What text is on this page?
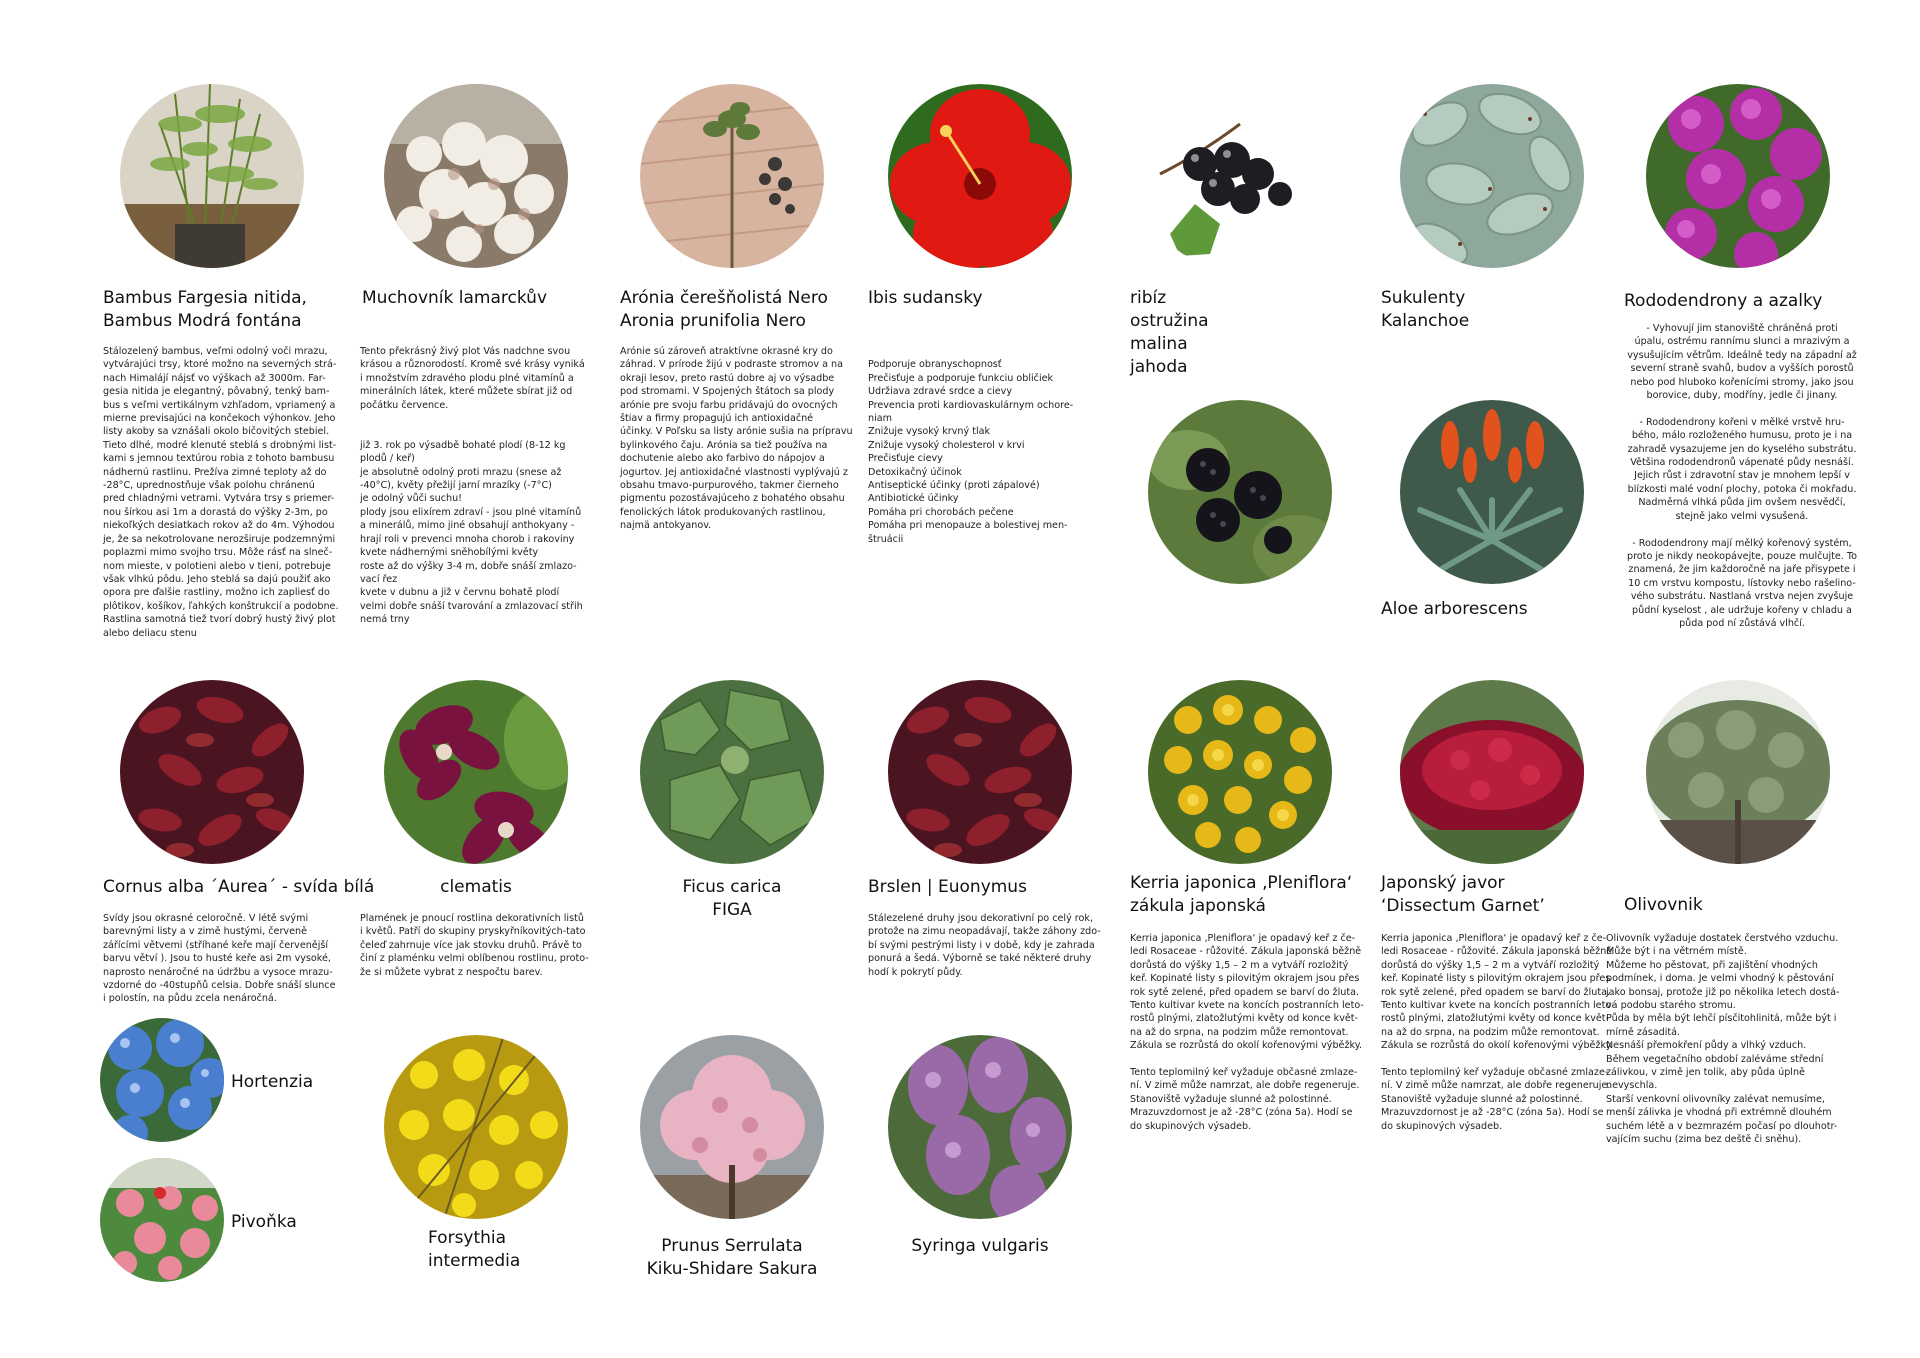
Bambus Fargesia nitida,
Bambus Modrá fontána
Stálozelený bambus, veľmi odolný voči mrazu,
vytvárajúci trsy, ktoré možno na severných strá-
nach Himalájí nájsť vo výškach až 3000m. Far-
gesia nitida je elegantný, pôvabný, tenký bam-
bus s veľmi vertikálnym vzhľadom, vpriamený a
mierne previsajúci na končekoch výhonkov. Jeho
listy akoby sa vznášali okolo bičovitých stebiel.
Tieto dlhé, modré klenuté steblá s drobnými list-
kami s jemnou textúrou robia z tohoto bambusu
nádhernú rastlinu. Prežíva zimné teploty až do
-28°C, uprednostňuje však polohu chránenú
pred chladnými vetrami. Vytvára trsy s priemer-
nou šírkou asi 1m a dorastá do výšky 2-3m, po
niekoľkých desiatkach rokov až do 4m. Výhodou
je, že sa nekotrolovane nerozširuje podzemnými
poplazmi mimo svojho trsu. Môže rásť na slneč-
nom mieste, v polotieni alebo v tieni, potrebuje
však vlhkú pôdu. Jeho steblá sa dajú použiť ako
opora pre ďalšie rastliny, možno ich zapliesť do
plôtikov, košíkov, ľahkých konštrukcií a podobne.
Rastlina samotná tiež tvorí dobrý hustý živý plot
alebo deliacu stenu
Muchovník lamarckův
Tento překrásný živý plot Vás nadchne svou
krásou a různorodostí. Kromě své krásy vyniká
i množstvím zdravého plodu plné vitamínů a
minerálních látek, které můžete sbírat již od
počátku července.

již 3. rok po výsadbě bohaté plodí (8-12 kg
plodů / keř)
je absolutně odolný proti mrazu (snese až
-40°C), květy přežijí jarní mrazíky (-7°C)
je odolný vůči suchu!
plody jsou elixírem zdraví - jsou plné vitamínů
a minerálů, mimo jiné obsahují anthokyany -
hrají roli v prevenci mnoha chorob i rakoviny
kvete nádhernými sněhobílými květy
roste až do výšky 3-4 m, dobře snáší zmlazo-
vací řez
kvete v dubnu a již v červnu bohatě plodí
velmi dobře snáší tvarování a zmlazovací střih
nemá trny
Arónia čerešňolistá Nero
Aronia prunifolia Nero
Arónie sú zároveň atraktívne okrasné kry do
záhrad. V prírode žijú v podraste stromov a na
okraji lesov, preto rastú dobre aj vo výsadbe
pod stromami. V Spojených štátoch sa plody
arónie pre svoju farbu pridávajú do ovocných
štiav a firmy propagujú ich antioxidačné
účinky. V Poľsku sa listy arónie sušia na prípravu
bylinkového čaju. Arónia sa tiež používa na
dochutenie alebo ako farbivo do nápojov a
jogurtov. Jej antioxidačné vlastnosti vyplývajú z
obsahu tmavo-purpurového, takmer čierneho
pigmentu pozostávajúceho z bohatého obsahu
fenolických látok produkovaných rastlinou,
najmä antokyanov.
Ibis sudansky

Podporuje obranyschopnosť
Prečisťuje a podporuje funkciu obličiek
Udržiava zdravé srdce a cievy
Prevencia proti kardiovaskulárnym ochore-
niam
Znižuje vysoký krvný tlak
Znižuje vysoký cholesterol v krvi
Prečisťuje cievy
Detoxikačný účinok
Antiseptické účinky (proti zápalové)
Antibiotické účinky
Pomáha pri chorobách pečene
Pomáha pri menopauze a bolestivej men-
štruácii
ribíz
ostružina
malina
jahoda
Sukulenty
Kalanchoe
Aloe arborescens
Rododendrony a azalky
- Vyhovují jim stanoviště chráněná proti
úpalu, ostrému rannímu slunci a mrazivým a
vysušujícím větrům. Ideálně tedy na západní až
severní straně svahů, budov a vyšších porostů
nebo pod hluboko kořenícími stromy, jako jsou
borovice, duby, modříny, jedle či jinany.

- Rododendrony kořeni v mělké vrstvě hru-
bého, málo rozloženého humusu, proto je i na
zahradě vysazujeme jen do kyselého substrátu.
Většina rododendronů vápenaté půdy nesnáší.
Jejich růst i zdravotní stav je mnohem lepší v
blízkosti malé vodní plochy, potoka či mokřadu.
Nadměrná vlhká půda jim ovšem nesvědčí,
stejně jako velmi vysušená.

- Rododendrony mají mělký kořenový systém,
proto je nikdy neokopávejte, pouze mulčujte. To
znamená, že jim každoročně na jaře přisypete i
10 cm vrstvu kompostu, lístovky nebo rašelino-
vého substrátu. Nastlaná vrstva nejen zvyšuje
půdní kyselost , ale udržuje kořeny v chladu a
půda pod ní zůstává vlhčí.
Cornus alba ´Aurea´ - svída bílá
Svídy jsou okrasné celoročně. V létě svými
barevnými listy a v zimě hustými, červeně
zářícími větvemi (stříhané keře mají červenější
barvu větví ). Jsou to husté keře asi 2m vysoké,
naprosto nenáročné na údržbu a vysoce mrazu-
vzdorné do -40stupňů celsia. Dobře snáší slunce
i polostín, na půdu zcela nenáročná.
clematis
Plamének je pnoucí rostlina dekorativních listů
i květů. Patří do skupiny pryskyřníkovitých-tato
čeleď zahrnuje více jak stovku druhů. Právě to
činí z plaménku velmi oblíbenou rostlinu, proto-
že si můžete vybrat z nespočtu barev.
Ficus carica
FIGA
Brslen | Euonymus
Stálezelené druhy jsou dekorativní po celý rok,
protože na zimu neopadávají, takže záhony zdo-
bí svými pestrými listy i v době, kdy je zahrada
ponurá a šedá. Výborně se také některé druhy
hodí k pokrytí půdy.
Kerria japonica ‚Pleniflora‘
zákula japonská
Kerria japonica ‚Pleniflora‘ je opadavý keř z če-
ledi Rosaceae - růžovité. Zákula japonská běžně
dorůstá do výšky 1,5 – 2 m a vytváří rozložitý
keř. Kopinaté listy s pilovitým okrajem jsou přes
rok sytě zelené, před opadem se barví do žluta.
Tento kultivar kvete na koncích postranních leto-
rostů plnými, zlatožlutými květy od konce květ-
na až do srpna, na podzim může remontovat.
Zákula se rozrůstá do okolí kořenovými výběžky.

Tento teplomilný keř vyžaduje občasné zmlaze-
ní. V zimě může namrzat, ale dobře regeneruje.
Stanoviště vyžaduje slunné až polostinné.
Mrazuvzdornost je až -28°C (zóna 5a). Hodí se
do skupinových výsadeb.
Japonský javor
‘Dissectum Garnet’
Kerria japonica ‚Pleniflora‘ je opadavý keř z če-
ledi Rosaceae - růžovité. Zákula japonská běžně
dorůstá do výšky 1,5 – 2 m a vytváří rozložitý
keř. Kopinaté listy s pilovitým okrajem jsou přes
rok sytě zelené, před opadem se barví do žluta.
Tento kultivar kvete na koncích postranních leto-
rostů plnými, zlatožlutými květy od konce květ-
na až do srpna, na podzim může remontovat.
Zákula se rozrůstá do okolí kořenovými výběžky.

Tento teplomilný keř vyžaduje občasné zmlaze-
ní. V zimě může namrzat, ale dobře regeneruje.
Stanoviště vyžaduje slunné až polostinné.
Mrazuvzdornost je až -28°C (zóna 5a). Hodí se
do skupinových výsadeb.
Olivovnik
Olivovník vyžaduje dostatek čerstvého vzduchu.
Může být i na větrném místě.
Můžeme ho pěstovat, při zajištění vhodných
podmínek, i doma. Je velmi vhodný k pěstování
jako bonsaj, protože již po několika letech dostá-
vá podobu starého stromu.
Půda by měla být lehčí písčitohlinitá, může být i
mírně zásaditá.
Nesnáší přemokření půdy a vlhký vzduch.
Během vegetačního období zaléváme střední
zálivkou, v zimě jen tolik, aby půda úplně
nevyschla.
Starší venkovní olivovníky zalévat nemusíme,
menší zálivka je vhodná při extrémně dlouhém
suchém létě a v bezmrazém počasí po dlouhotr-
vajícím suchu (zima bez deště či sněhu).
Hortenzia
Pivoňka
Forsythia
intermedia
Prunus Serrulata
Kiku-Shidare Sakura
Syringa vulgaris
